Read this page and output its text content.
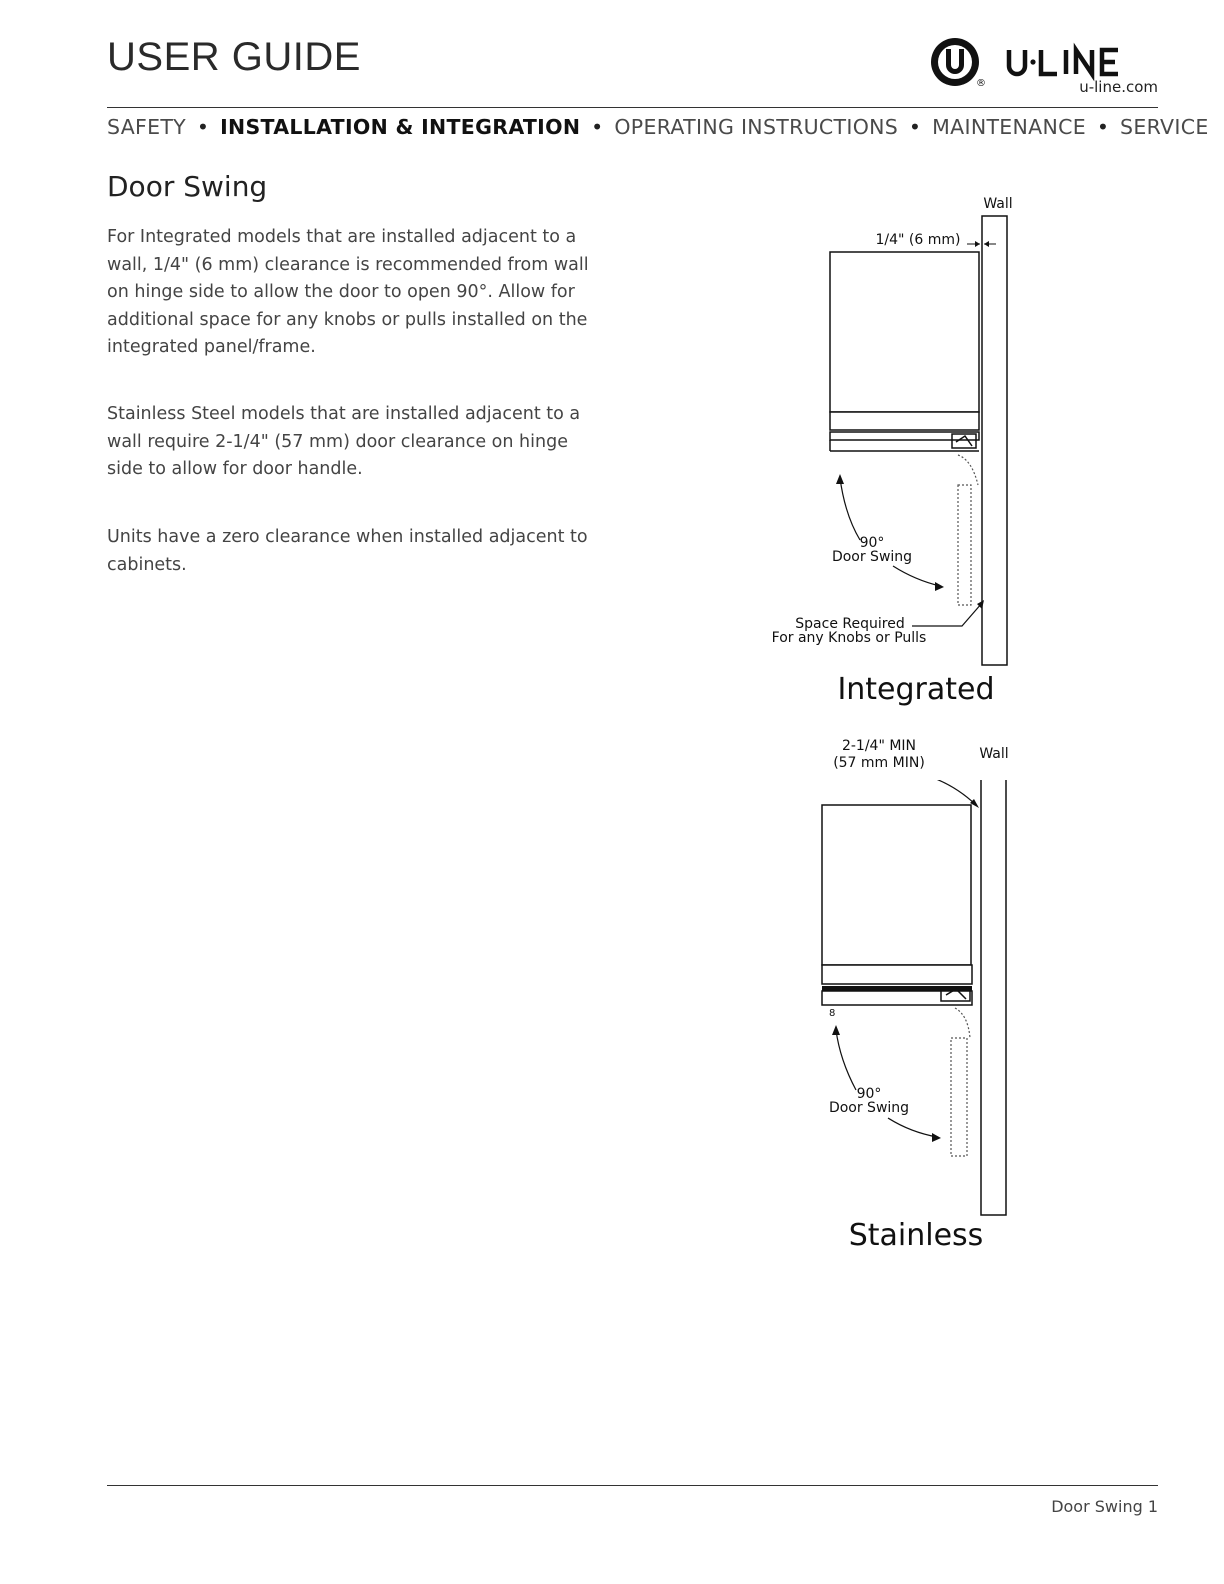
USER GUIDE
®	u-line.com
SAFETY • INSTALLATION & INTEGRATION • OPERATING INSTRUCTIONS • MAINTENANCE • SERVICE
Door Swing

For Integrated models that are installed adjacent to a wall, 1/4" (6 mm) clearance is recommended from wall on hinge side to allow the door to open 90°. Allow for additional space for any knobs or pulls installed on the integrated panel/frame.

Stainless Steel models that are installed adjacent to a wall require 2-1/4" (57 mm) door clearance on hinge side to allow for door handle.

Units have a zero clearance when installed adjacent to cabinets.

Wall
1/4" (6 mm)
90°
Door Swing
Space Required
For any Knobs or Pulls
Integrated
8
2-1/4" MIN
(57 mm MIN)
Wall
90°
Door Swing
Stainless
Door Swing 1
